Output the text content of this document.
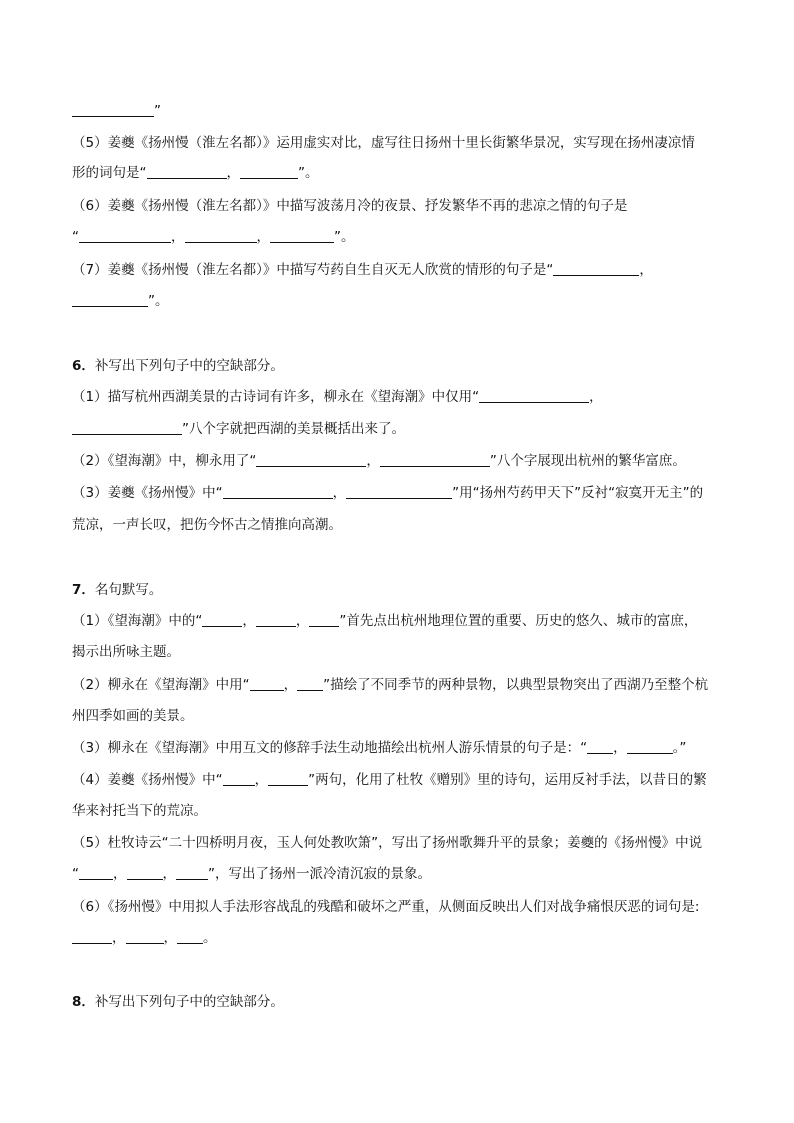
”
（5）姜夔《扬州慢（淮左名都）》运用虚实对比，虚写往日扬州十里长街繁华景况，实写现在扬州凄凉情
形的词句是“	，	”。
（6）姜夔《扬州慢（淮左名都）》中描写波荡月冷的夜景、抒发繁华不再的悲凉之情的句子是
“	，	，	”。
（7）姜夔《扬州慢（淮左名都）》中描写芍药自生自灭无人欣赏的情形的句子是“	，
”。
6．补写出下列句子中的空缺部分。
（1）描写杭州西湖美景的古诗词有许多，柳永在《望海潮》中仅用“	，
”八个字就把西湖的美景概括出来了。
（2）《望海潮》中，柳永用了“	，	”八个字展现出杭州的繁华富庶。
（3）姜夔《扬州慢》中“	，	”用“扬州芍药甲天下”反衬“寂寞开无主”的
荒凉，一声长叹，把伤今怀古之情推向高潮。
7．名句默写。
（1）《望海潮》中的“	，	， ”首先点出杭州地理位置的重要、历史的悠久、城市的富庶，
揭示出所咏主题。
（2）柳永在《望海潮》中用“	， ”描绘了不同季节的两种景物，以典型景物突出了西湖乃至整个杭
州四季如画的美景。
（3）柳永在《望海潮》中用互文的修辞手法生动地描绘出杭州人游乐情景的句子是：“ ，	。”
（4）姜夔《扬州慢》中“ ，	”两句，化用了杜牧《赠别》里的诗句，运用反衬手法，以昔日的繁
华来衬托当下的荒凉。
（5）杜牧诗云“二十四桥明月夜，玉人何处教吹箫”，写出了扬州歌舞升平的景象；姜夔的《扬州慢》中说
“	，	， ”，写出了扬州一派冷清沉寂的景象。
（6）《扬州慢》中用拟人手法形容战乱的残酷和破坏之严重，从侧面反映出人们对战争痛恨厌恶的词句是:
，	， 。
8．补写出下列句子中的空缺部分。
